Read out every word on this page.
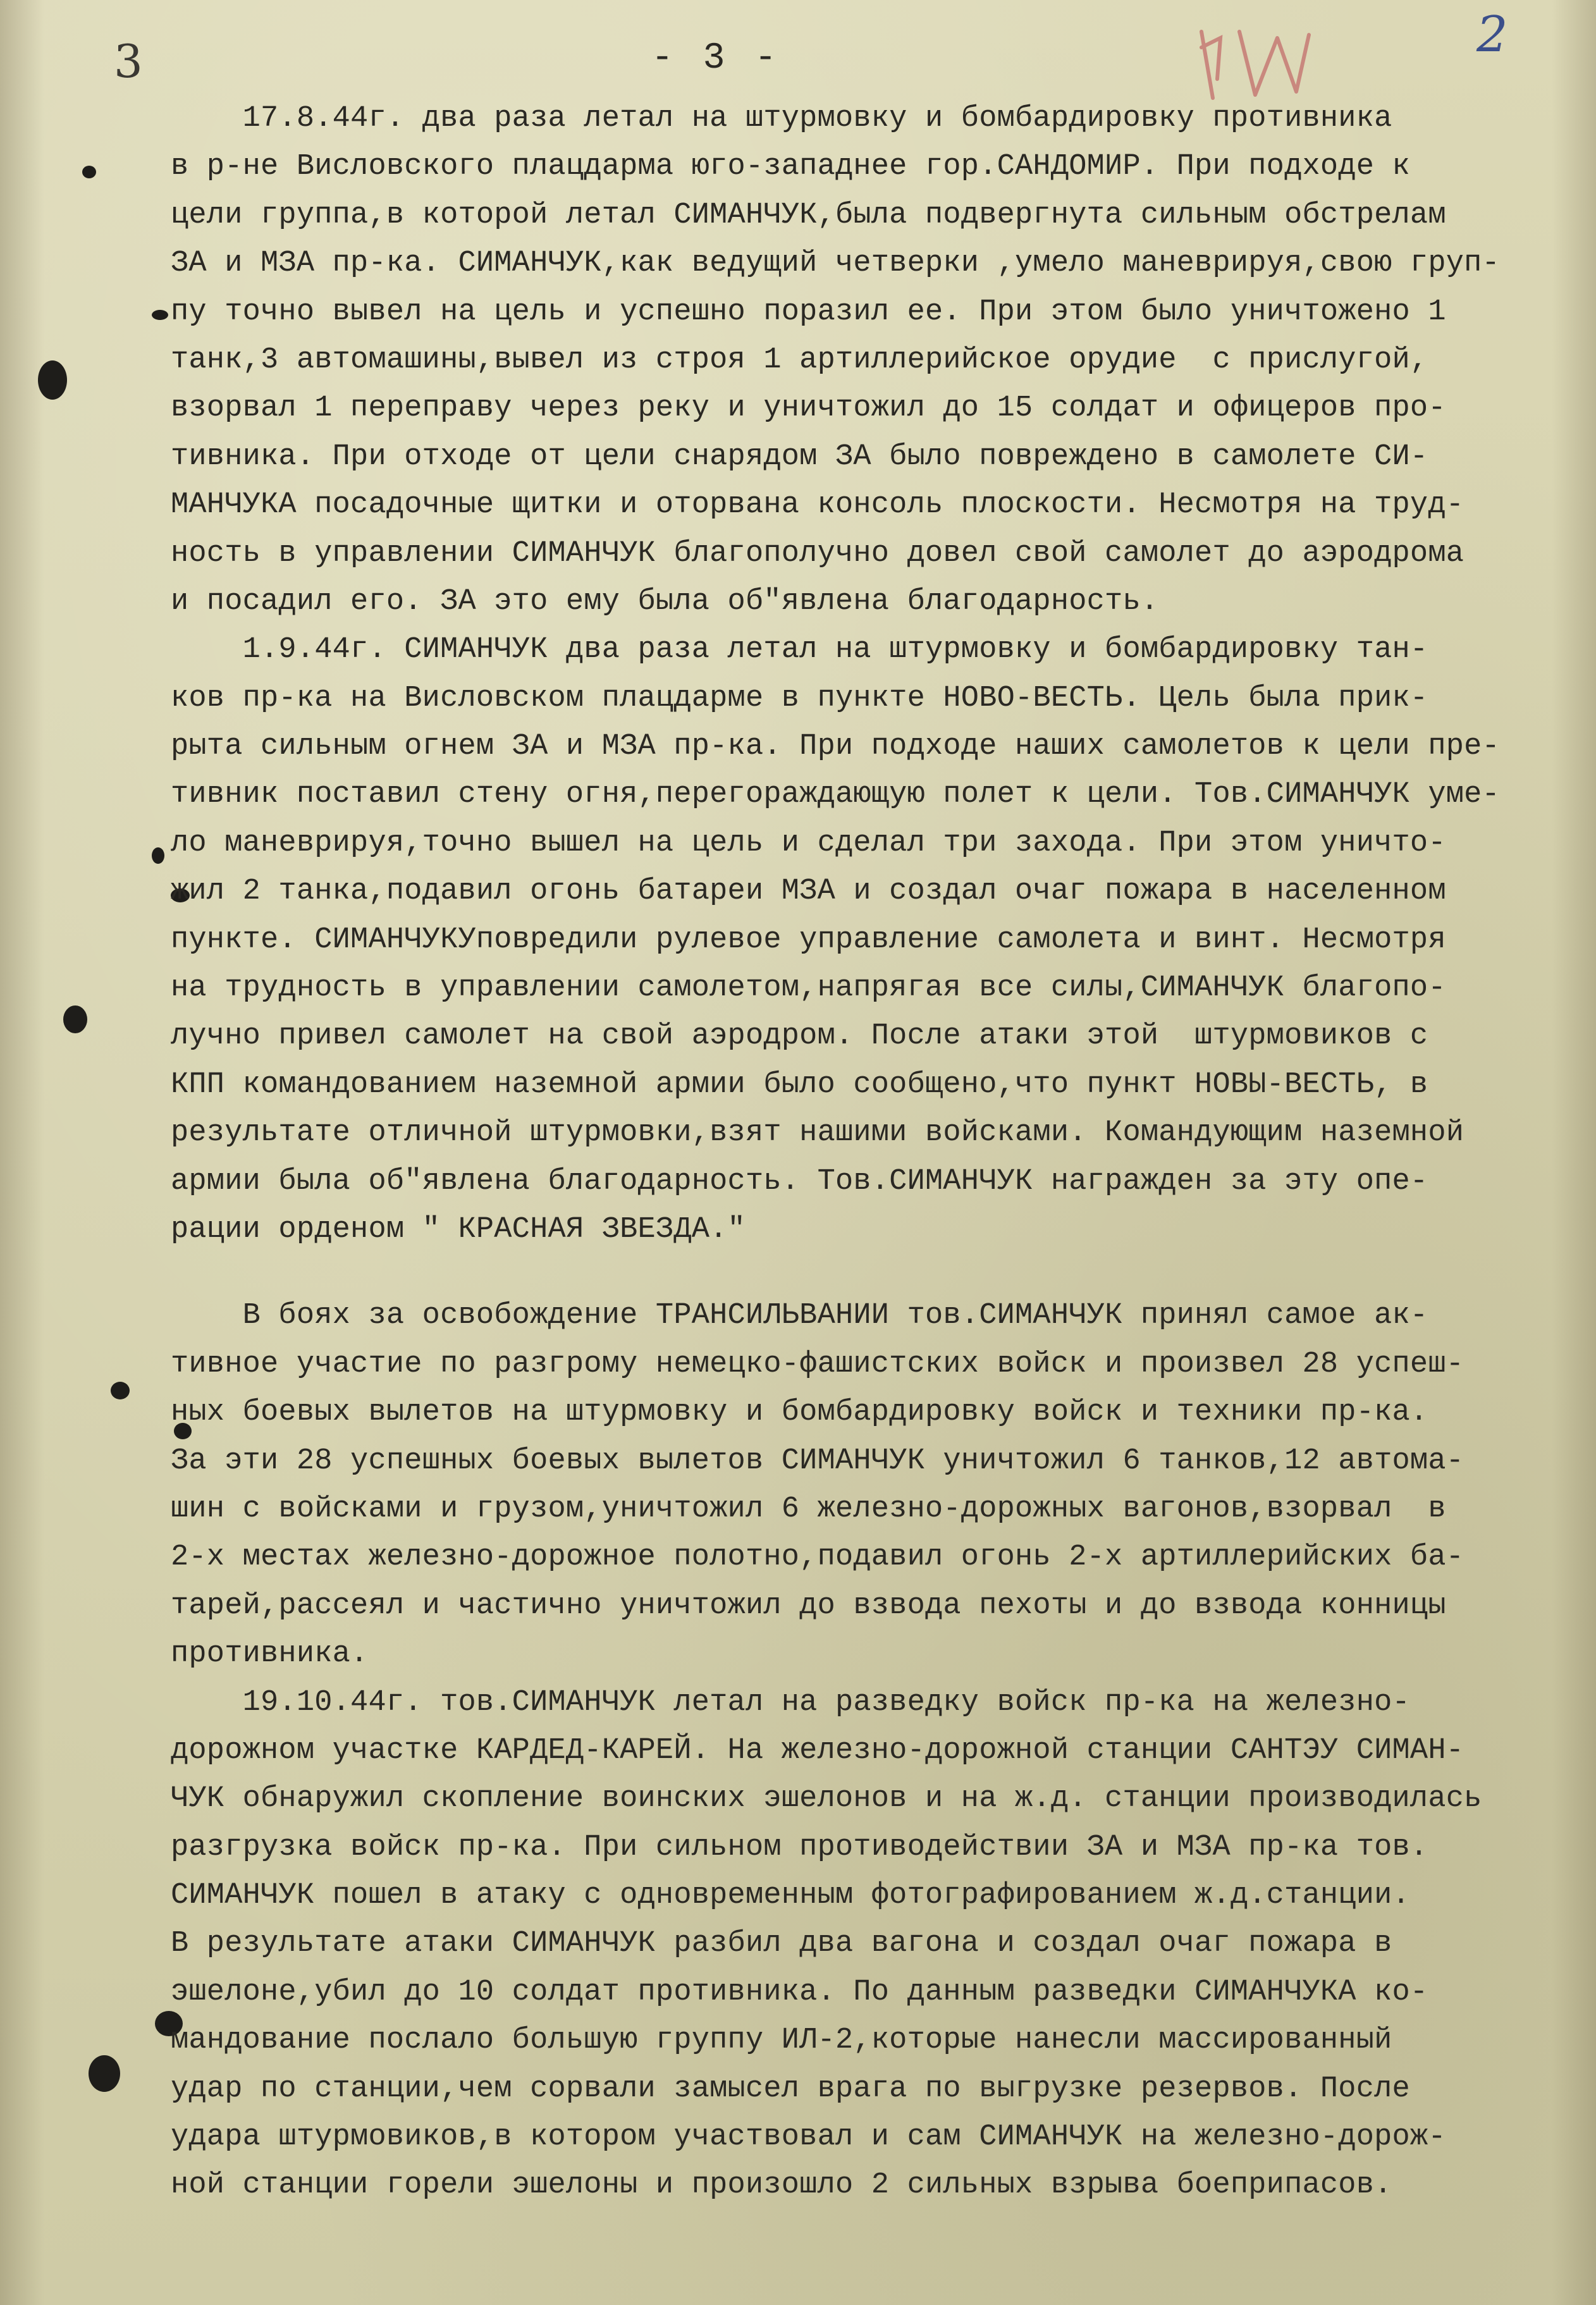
3	- 3 -	2
17.8.44г. два раза летал на штурмовку и бомбардировку противника
в р-не Висловского плацдарма юго-западнее гор.САНДОМИР. При подходе к
цели группа,в которой летал СИМАНЧУК,была подвергнута сильным обстрелам
ЗА и МЗА пр-ка. СИМАНЧУК,как ведущий четверки ,умело маневрируя,свою груп-
пу точно вывел на цель и успешно поразил ее. При этом было уничтожено 1
танк,3 автомашины,вывел из строя 1 артиллерийское орудие  с прислугой,
взорвал 1 переправу через реку и уничтожил до 15 солдат и офицеров про-
тивника. При отходе от цели снарядом ЗА было повреждено в самолете СИ-
МАНЧУКА посадочные щитки и оторвана консоль плоскости. Несмотря на труд-
ность в управлении СИМАНЧУК благополучно довел свой самолет до аэродрома
и посадил его. ЗА это ему была об"явлена благодарность.
1.9.44г. СИМАНЧУК два раза летал на штурмовку и бомбардировку тан-
ков пр-ка на Висловском плацдарме в пункте НОВО-ВЕСТЬ. Цель была прик-
рыта сильным огнем ЗА и МЗА пр-ка. При подходе наших самолетов к цели пре-
тивник поставил стену огня,перегораждающую полет к цели. Тов.СИМАНЧУК уме-
ло маневрируя,точно вышел на цель и сделал три захода. При этом уничто-
жил 2 танка,подавил огонь батареи МЗА и создал очаг пожара в населенном
пункте. СИМАНЧУКУповредили рулевое управление самолета и винт. Несмотря
на трудность в управлении самолетом,напрягая все силы,СИМАНЧУК благопо-
лучно привел самолет на свой аэродром. После атаки этой  штурмовиков с
КПП командованием наземной армии было сообщено,что пункт НОВЫ-ВЕСТЬ, в
результате отличной штурмовки,взят нашими войсками. Командующим наземной
армии была об"явлена благодарность. Тов.СИМАНЧУК награжден за эту опе-
рации орденом " КРАСНАЯ ЗВЕЗДА."
В боях за освобождение ТРАНСИЛЬВАНИИ тов.СИМАНЧУК принял самое ак-
тивное участие по разгрому немецко-фашистских войск и произвел 28 успеш-
ных боевых вылетов на штурмовку и бомбардировку войск и техники пр-ка.
За эти 28 успешных боевых вылетов СИМАНЧУК уничтожил 6 танков,12 автома-
шин с войсками и грузом,уничтожил 6 железно-дорожных вагонов,взорвал  в
2-х местах железно-дорожное полотно,подавил огонь 2-х артиллерийских ба-
тарей,рассеял и частично уничтожил до взвода пехоты и до взвода конницы
противника.
19.10.44г. тов.СИМАНЧУК летал на разведку войск пр-ка на железно-
дорожном участке КАРДЕД-КАРЕЙ. На железно-дорожной станции САНТЭУ СИМАН-
ЧУК обнаружил скопление воинских эшелонов и на ж.д. станции производилась
разгрузка войск пр-ка. При сильном противодействии ЗА и МЗА пр-ка тов.
СИМАНЧУК пошел в атаку с одновременным фотографированием ж.д.станции.
В результате атаки СИМАНЧУК разбил два вагона и создал очаг пожара в
эшелоне,убил до 10 солдат противника. По данным разведки СИМАНЧУКА ко-
мандование послало большую группу ИЛ-2,которые нанесли массированный
удар по станции,чем сорвали замысел врага по выгрузке резервов. После
удара штурмовиков,в котором участвовал и сам СИМАНЧУК на железно-дорож-
ной станции горели эшелоны и произошло 2 сильных взрыва боеприпасов.
